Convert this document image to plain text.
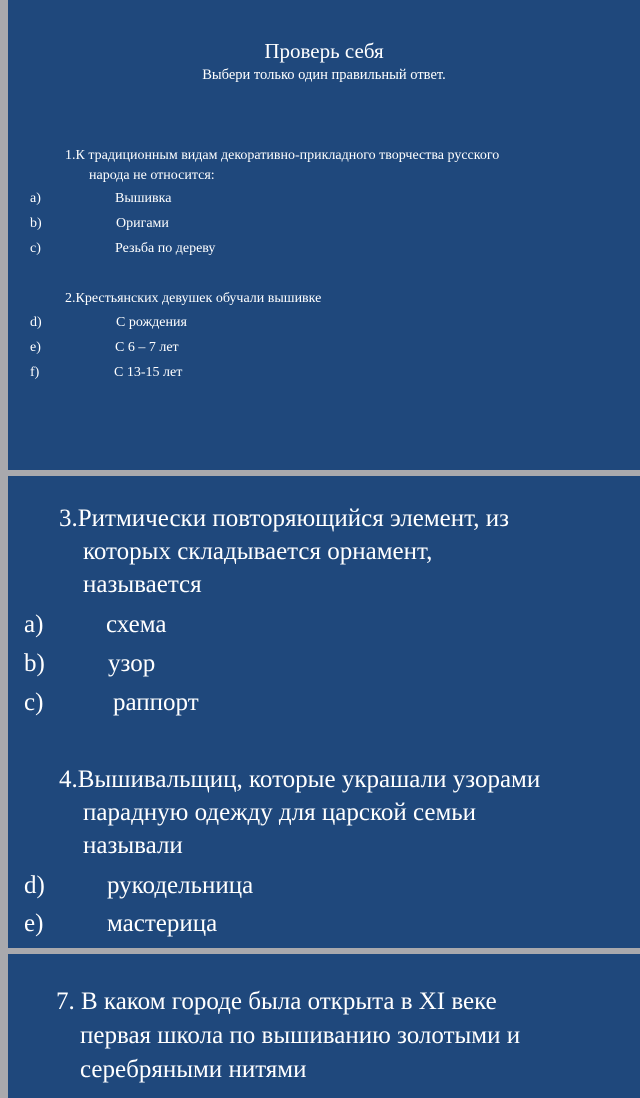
Проверь себя
Выбери только один правильный ответ.
1.К традиционным видам декоративно-прикладного творчества русского
народа не относится:
a)	Вышивка
b)	Оригами
c)	Резьба по дереву
2.Крестьянских девушек обучали вышивке
d)	С рождения
e)	С 6 – 7 лет
f)	С 13-15 лет
3.Ритмически повторяющийся элемент, из
которых складывается орнамент,
называется
a)	схема
b)	узор
c)	раппорт
4.Вышивальщиц, которые украшали узорами
парадную одежду для царской семьи
называли
d) рукодельница
e)	мастерица
7. В каком городе была открыта в XI веке
первая школа по вышиванию золотыми и
серебряными нитями
